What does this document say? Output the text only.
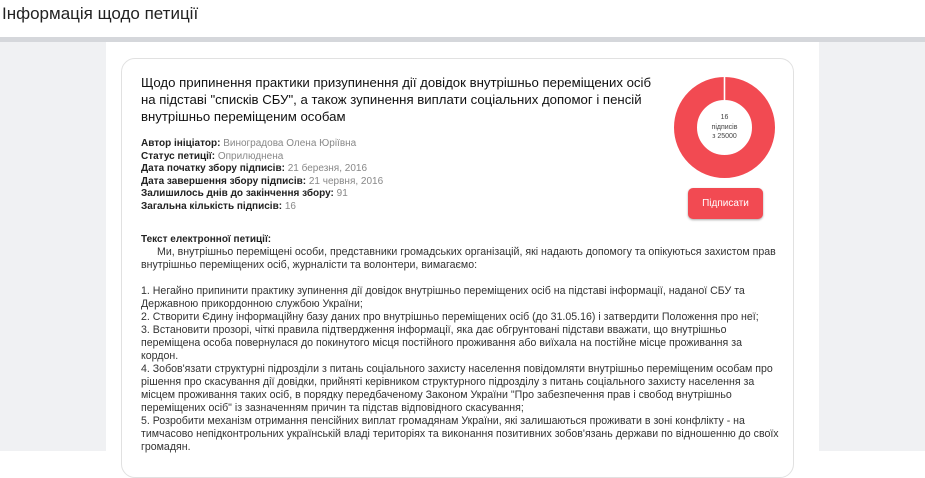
Інформація щодо петиції
Щодо припинення практики призупинення дії довідок внутрішньо переміщених осіб на підставі "списків СБУ", а також зупинення виплати соціальних допомог і пенсій внутрішньо переміщеним особам
Автор ініціатор: Виноградова Олена Юріївна
Статус петиції: Оприлюднена
Дата початку збору підписів: 21 березня, 2016
Дата завершення збору підписів: 21 червня, 2016
Залишилось днів до закінчення збору: 91
Загальна кількість підписів: 16
16
підписів
з 25000
Підписати
Текст електронної петиції:

Ми, внутрішньо переміщені особи, представники громадських організацій, які надають допомогу та опікуються захистом прав внутрішньо переміщених осіб, журналісти та волонтери, вимагаємо:

1. Негайно припинити практику зупинення дії довідок внутрішньо переміщених осіб на підставі інформації, наданої СБУ та Державною прикордонною службою України;

2. Створити Єдину інформаційну базу даних про внутрішньо переміщених осіб (до 31.05.16) і затвердити Положення про неї;

3. Встановити прозорі, чіткі правила підтвердження інформації, яка дає обгрунтовані підстави вважати, що внутрішньо переміщена особа повернулася до покинутого місця постійного проживання або виїхала на постійне місце проживання за кордон.

4. Зобов'язати структурні підрозділи з питань соціального захисту населення повідомляти внутрішньо переміщеним особам про рішення про скасування дії довідки, прийняті керівником структурного підрозділу з питань соціального захисту населення за місцем проживання таких осіб, в порядку передбаченому Законом України "Про забезпечення прав і свобод внутрішньо переміщених осіб" із зазначенням причин та підстав відповідного скасування;

5. Розробити механізм отримання пенсійних виплат громадянам України, які залишаються проживати в зоні конфлікту - на тимчасово непідконтрольних українській владі територіях та виконання позитивних зобов'язань держави по відношенню до своїх громадян.
